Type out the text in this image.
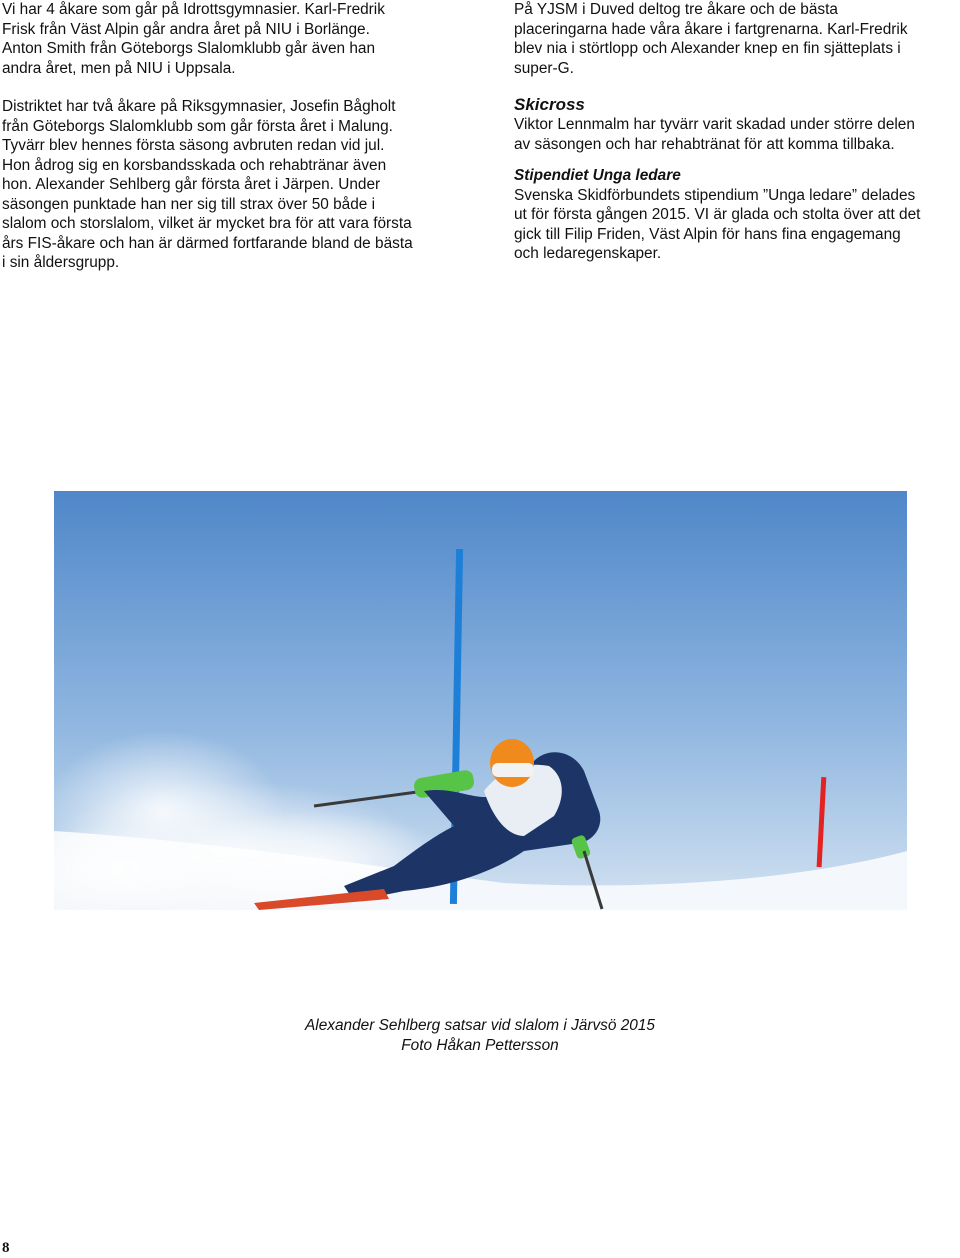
Vi har 4 åkare som går på Idrottsgymnasier. Karl-Fredrik
Frisk från Väst Alpin går andra året på NIU i Borlänge.
Anton Smith från Göteborgs Slalomklubb går även han
andra året, men på NIU i Uppsala.

Distriktet har två åkare på Riksgymnasier, Josefin Bågholt
från Göteborgs Slalomklubb som går första året i Malung.
Tyvärr blev hennes första säsong avbruten redan vid jul.
Hon ådrog sig en korsbandsskada och rehabtränar även
hon. Alexander Sehlberg går första året i Järpen. Under
säsongen punktade han ner sig till strax över 50 både i
slalom och storslalom, vilket är mycket bra för att vara första
års FIS-åkare och han är därmed fortfarande bland de bästa
i sin åldersgrupp.

På YJSM i Duved deltog tre åkare och de bästa
placeringarna hade våra åkare i fartgrenarna. Karl-Fredrik
blev nia i störtlopp och Alexander knep en fin sjätteplats i
super-G.

Skicross

Viktor Lennmalm har tyvärr varit skadad under större delen
av säsongen och har rehabtränat för att komma tillbaka.

Stipendiet Unga ledare

Svenska Skidförbundets stipendium ”Unga ledare” delades
ut för första gången 2015. VI är glada och stolta över att det
gick till Filip Friden, Väst Alpin för hans fina engagemang
och ledaregenskaper.

Alexander Sehlberg satsar vid slalom i Järvsö 2015
Foto Håkan Pettersson
8
